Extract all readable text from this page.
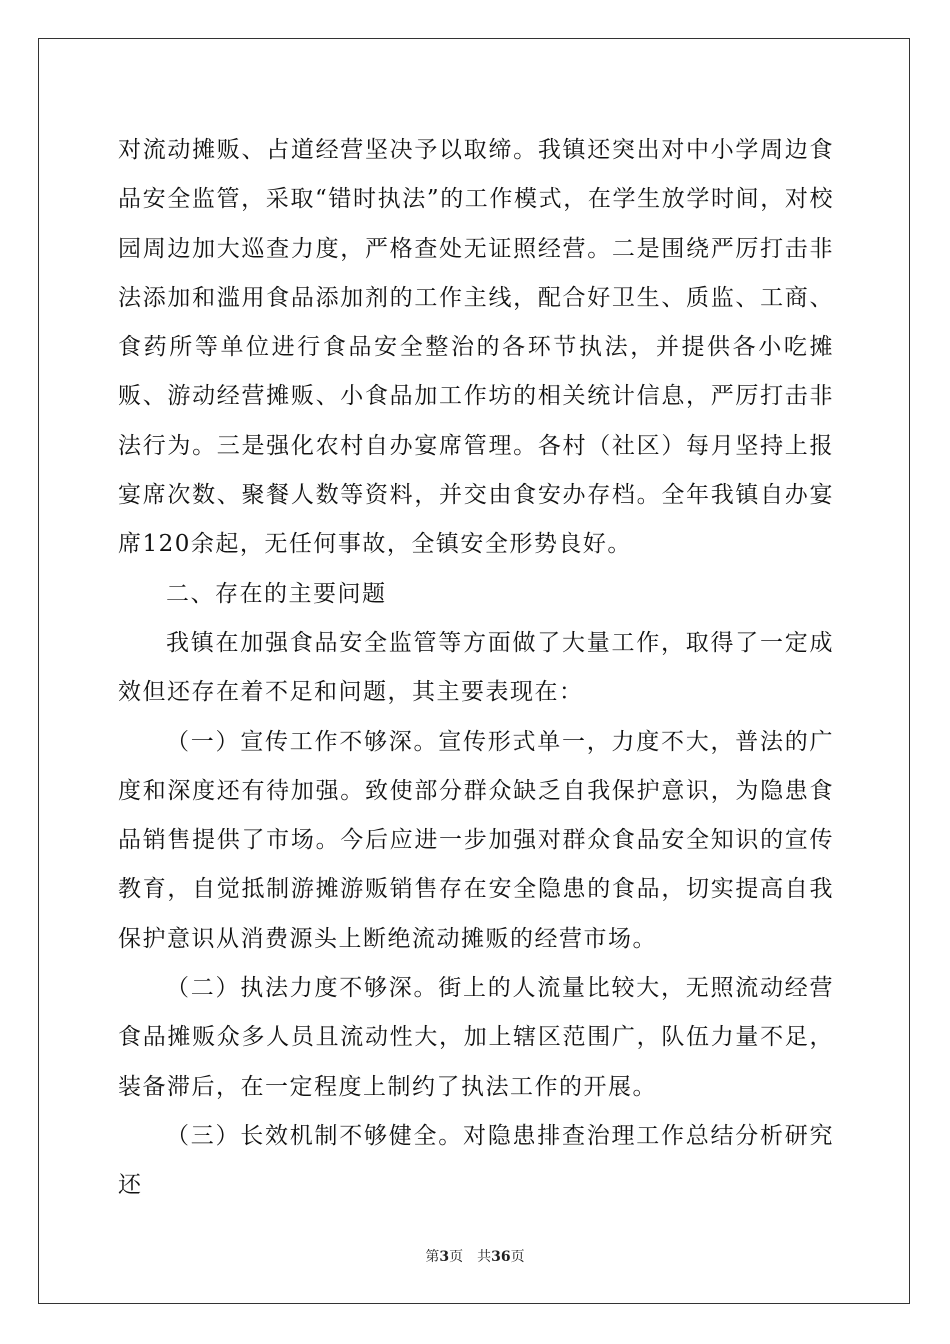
对流动摊贩、占道经营坚决予以取缔。我镇还突出对中小学周边食品安全监管，采取“错时执法”的工作模式，在学生放学时间，对校园周边加大巡查力度，严格查处无证照经营。二是围绕严厉打击非法添加和滥用食品添加剂的工作主线，配合好卫生、质监、工商、食药所等单位进行食品安全整治的各环节执法，并提供各小吃摊贩、游动经营摊贩、小食品加工作坊的相关统计信息，严厉打击非法行为。三是强化农村自办宴席管理。各村（社区）每月坚持上报宴席次数、聚餐人数等资料，并交由食安办存档。全年我镇自办宴席120余起，无任何事故，全镇安全形势良好。

二、存在的主要问题

我镇在加强食品安全监管等方面做了大量工作，取得了一定成效但还存在着不足和问题，其主要表现在：

（一）宣传工作不够深。宣传形式单一，力度不大，普法的广度和深度还有待加强。致使部分群众缺乏自我保护意识，为隐患食品销售提供了市场。今后应进一步加强对群众食品安全知识的宣传教育，自觉抵制游摊游贩销售存在安全隐患的食品，切实提高自我保护意识从消费源头上断绝流动摊贩的经营市场。

（二）执法力度不够深。街上的人流量比较大，无照流动经营食品摊贩众多人员且流动性大，加上辖区范围广，队伍力量不足，装备滞后，在一定程度上制约了执法工作的开展。

（三）长效机制不够健全。对隐患排查治理工作总结分析研究还

第3页 共36页
